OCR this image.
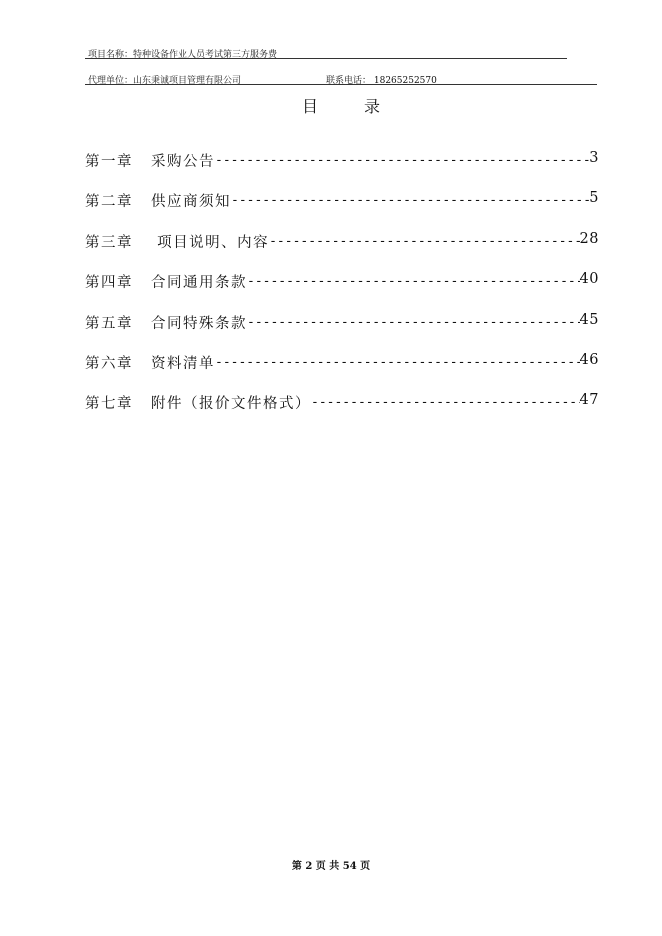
项目名称：特种设备作业人员考试第三方服务费
代理单位：山东秉诚项目管理有限公司	联系电话： 18265252570
目	录
第一章	采购公告 -----	3
第二章	供应商须知 -----	5
第三章	项目说明、内容 -----	28
第四章	合同通用条款 -----	40
第五章	合同特殊条款 -----	45
第六章	资料清单 -----	46
第七章	附件（报价文件格式） -----	47
第 2 页 共 54 页
